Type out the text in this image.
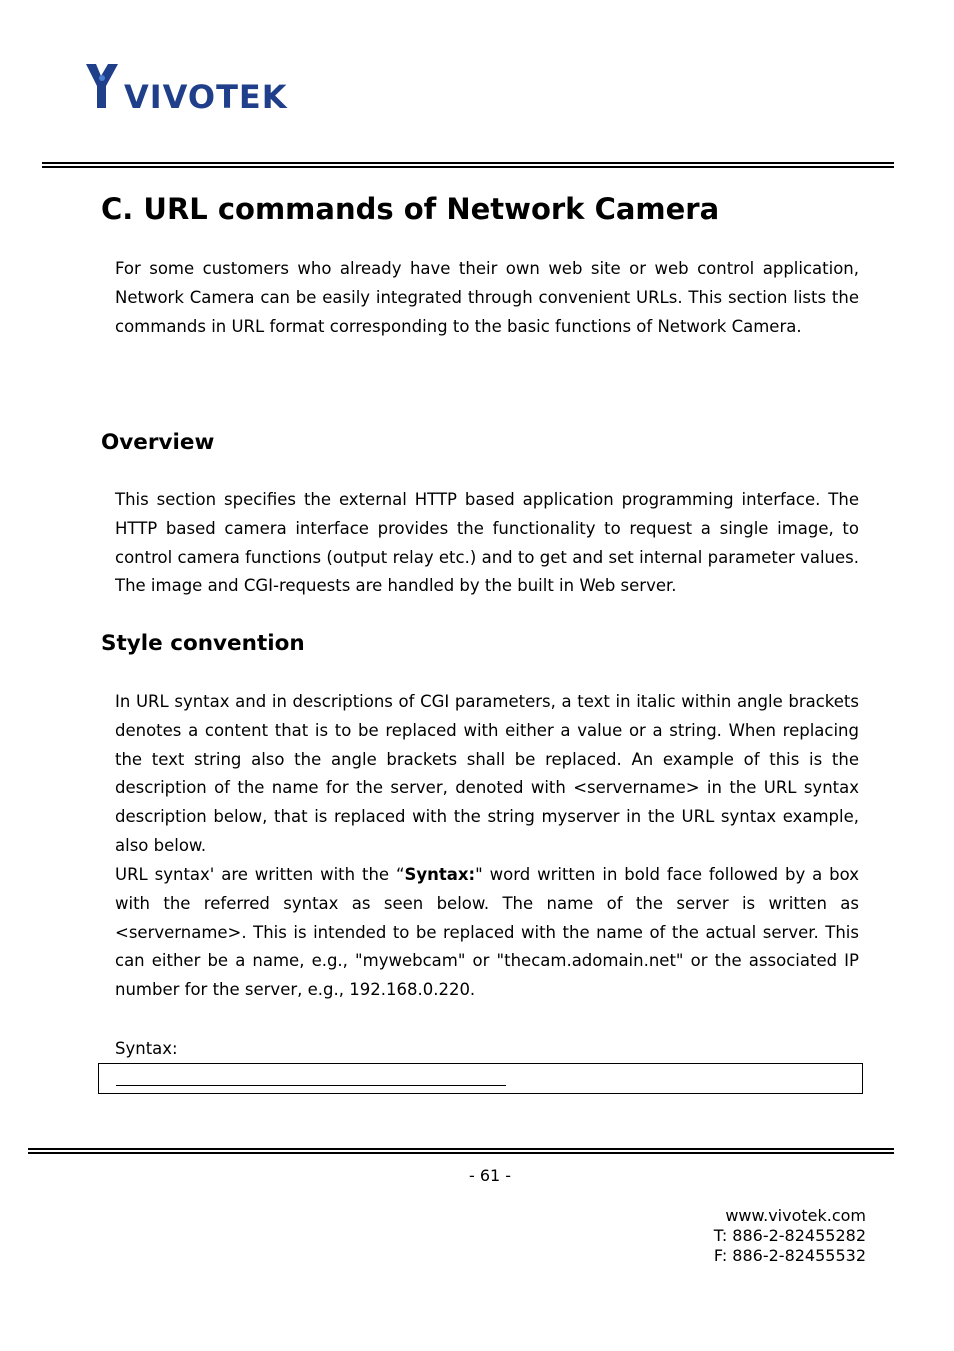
VIVOTEK
C. URL commands of Network Camera

For some customers who already have their own web site or web control application, Network Camera can be easily integrated through convenient URLs. This section lists the commands in URL format corresponding to the basic functions of Network Camera.

Overview

This section specifies the external HTTP based application programming interface. The HTTP based camera interface provides the functionality to request a single image, to control camera functions (output relay etc.) and to get and set internal parameter values. The image and CGI-requests are handled by the built in Web server.

Style convention

In URL syntax and in descriptions of CGI parameters, a text in italic within angle brackets denotes a content that is to be replaced with either a value or a string. When replacing the text string also the angle brackets shall be replaced. An example of this is the description of the name for the server, denoted with <servername> in the URL syntax description below, that is replaced with the string myserver in the URL syntax example, also below.

URL syntax' are written with the “Syntax:" word written in bold face followed by a box with the referred syntax as seen below. The name of the server is written as <servername>. This is intended to be replaced with the name of the actual server. This can either be a name, e.g., "mywebcam" or "thecam.adomain.net" or the associated IP number for the server, e.g., 192.168.0.220.

Syntax:
- 61 -
www.vivotek.com
T: 886-2-82455282
F: 886-2-82455532
